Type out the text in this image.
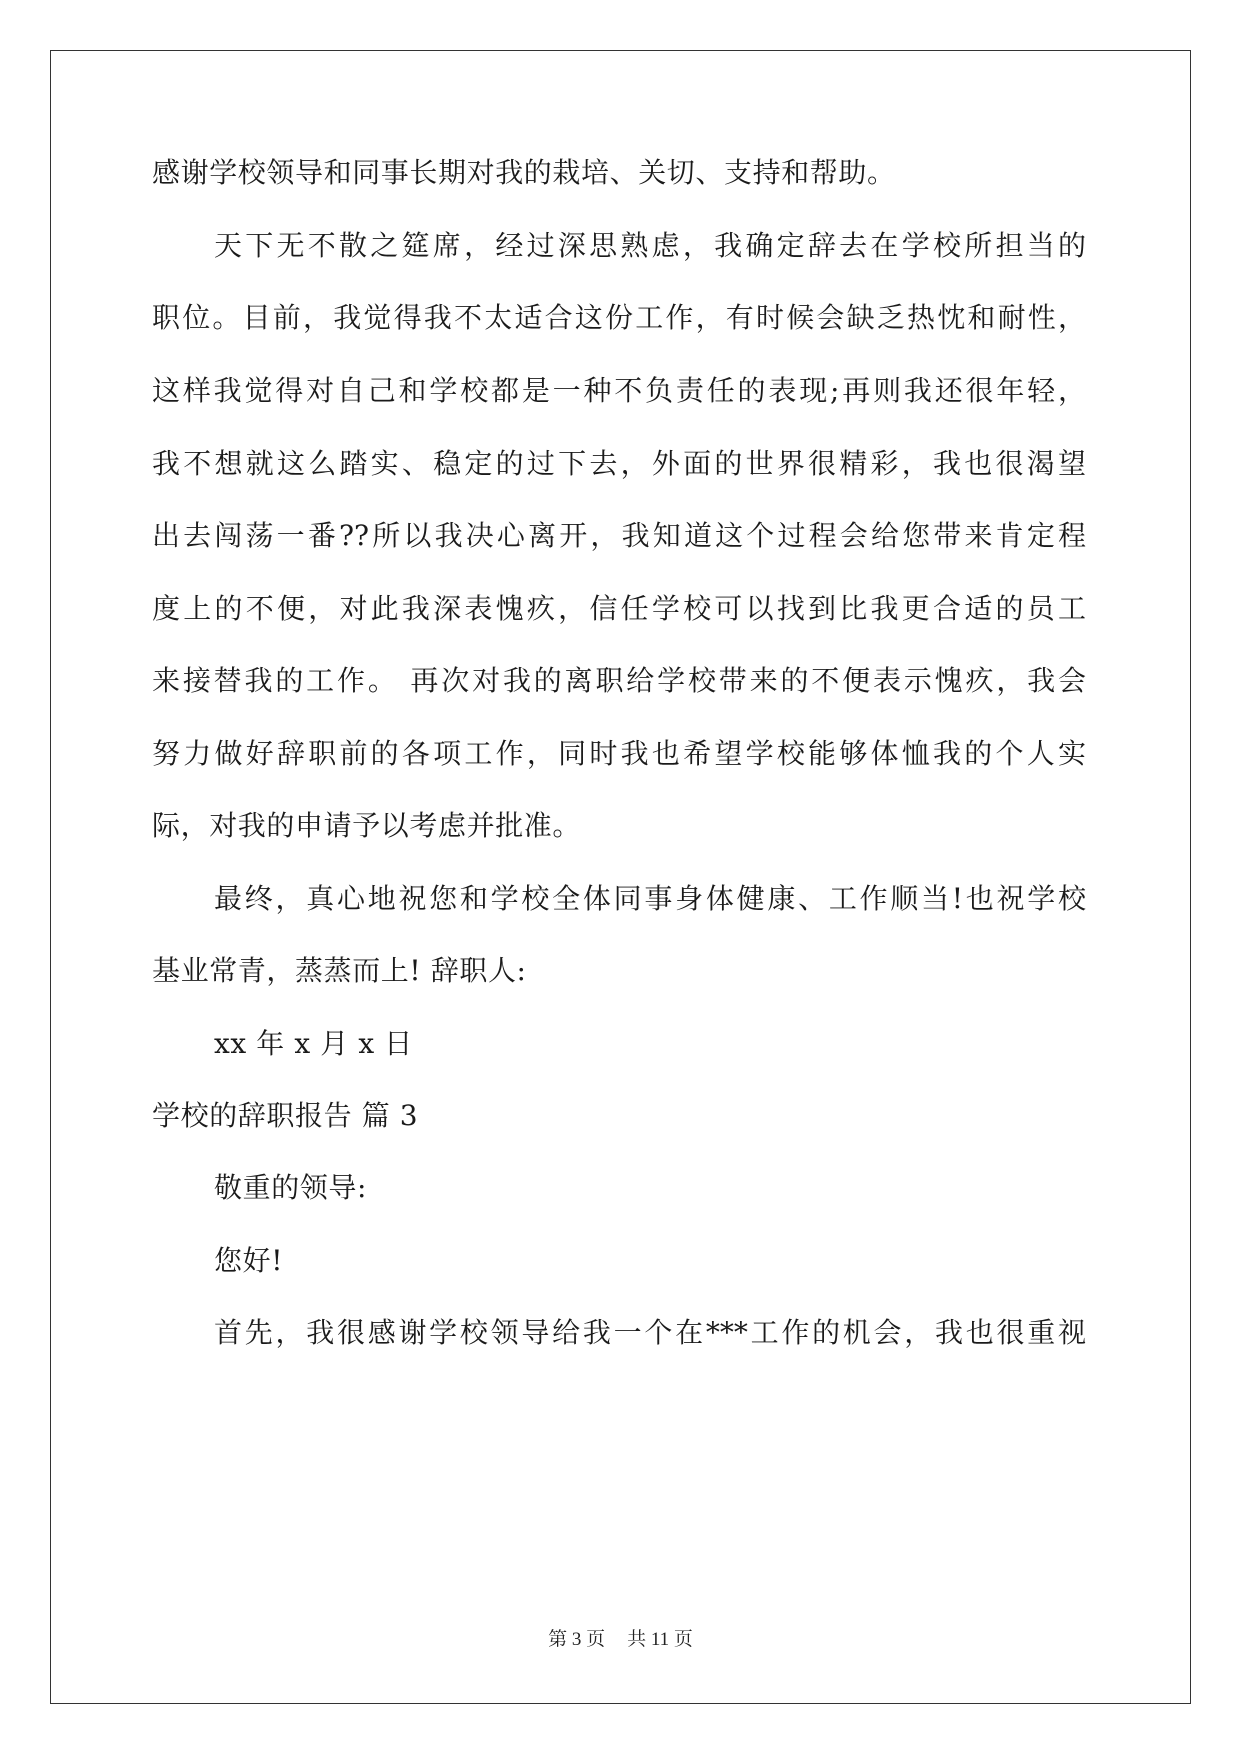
感谢学校领导和同事长期对我的栽培、关切、支持和帮助。
天下无不散之筵席，经过深思熟虑，我确定辞去在学校所担当的
职位。目前，我觉得我不太适合这份工作，有时候会缺乏热忱和耐性，
这样我觉得对自己和学校都是一种不负责任的表现;再则我还很年轻，
我不想就这么踏实、稳定的过下去，外面的世界很精彩，我也很渴望
出去闯荡一番??所以我决心离开，我知道这个过程会给您带来肯定程
度上的不便，对此我深表愧疚，信任学校可以找到比我更合适的员工
来接替我的工作。 再次对我的离职给学校带来的不便表示愧疚，我会
努力做好辞职前的各项工作，同时我也希望学校能够体恤我的个人实
际，对我的申请予以考虑并批准。
最终，真心地祝您和学校全体同事身体健康、工作顺当!也祝学校
基业常青，蒸蒸而上! 辞职人:
xx 年 x 月 x 日
学校的辞职报告 篇 3
敬重的领导:
您好!
首先，我很感谢学校领导给我一个在***工作的机会，我也很重视
第 3 页 共 11 页
